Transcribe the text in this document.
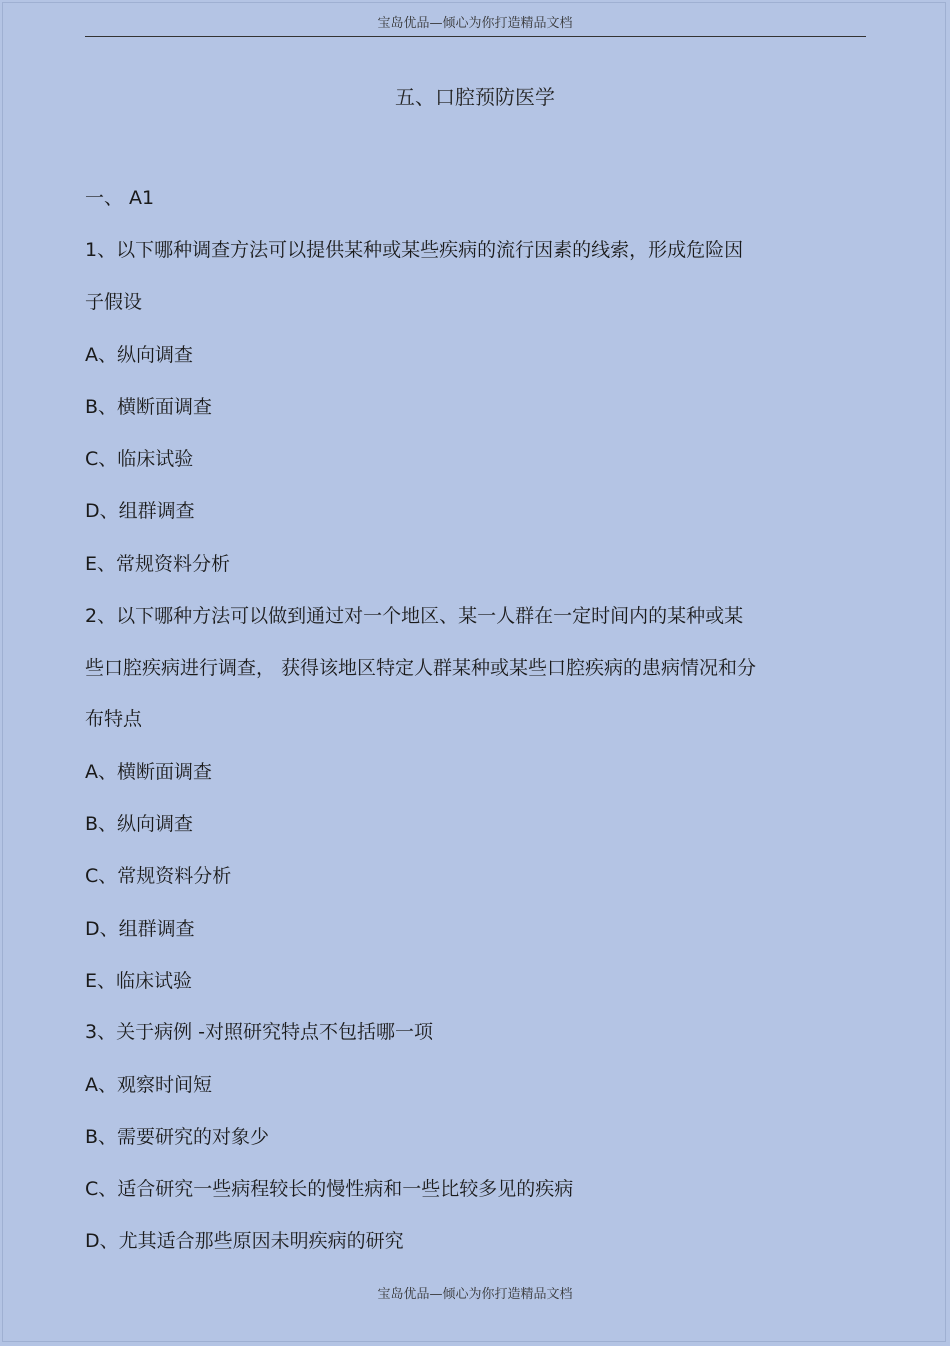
宝岛优品—倾心为你打造精品文档
五、口腔预防医学
一、 A1
1、以下哪种调查方法可以提供某种或某些疾病的流行因素的线索，形成危险因
子假设
A、纵向调查
B、横断面调查
C、临床试验
D、组群调查
E、常规资料分析
2、以下哪种方法可以做到通过对一个地区、某一人群在一定时间内的某种或某
些口腔疾病进行调查， 获得该地区特定人群某种或某些口腔疾病的患病情况和分
布特点
A、横断面调查
B、纵向调查
C、常规资料分析
D、组群调查
E、临床试验
3、关于病例 -对照研究特点不包括哪一项
A、观察时间短
B、需要研究的对象少
C、适合研究一些病程较长的慢性病和一些比较多见的疾病
D、尤其适合那些原因未明疾病的研究
宝岛优品—倾心为你打造精品文档
